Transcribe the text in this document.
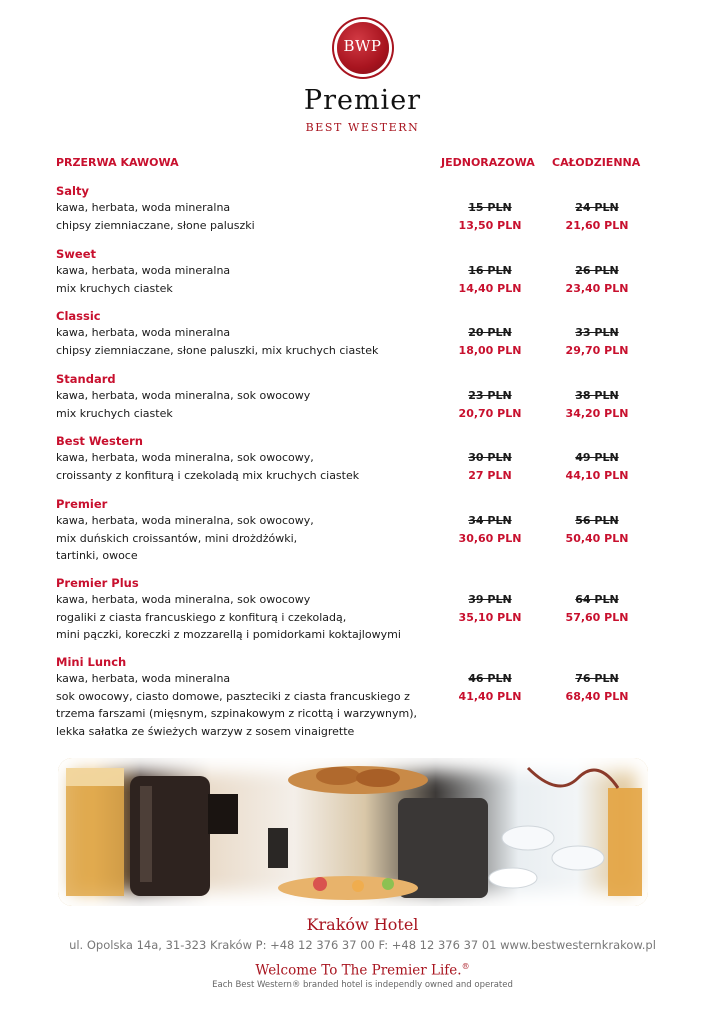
BWP
Premier
BEST WESTERN
PRZERWA KAWOWA	JEDNORAZOWA CAŁODZIENNA
Salty
kawa, herbata, woda mineralna
chipsy ziemniaczane, słone paluszki
15 PLN	24 PLN
13,50 PLN	21,60 PLN
Sweet
kawa, herbata, woda mineralna
mix kruchych ciastek
16 PLN	26 PLN
14,40 PLN	23,40 PLN
Classic
kawa, herbata, woda mineralna
chipsy ziemniaczane, słone paluszki, mix kruchych ciastek
20 PLN	33 PLN
18,00 PLN	29,70 PLN
Standard
kawa, herbata, woda mineralna, sok owocowy
mix kruchych ciastek
23 PLN	38 PLN
20,70 PLN	34,20 PLN
Best Western
kawa, herbata, woda mineralna, sok owocowy,
croissanty z konfiturą i czekoladą mix kruchych ciastek
30 PLN	49 PLN
27 PLN	44,10 PLN
Premier
kawa, herbata, woda mineralna, sok owocowy,
mix duńskich croissantów, mini drożdżówki,
tartinki, owoce
34 PLN	56 PLN
30,60 PLN	50,40 PLN
Premier Plus
kawa, herbata, woda mineralna, sok owocowy
rogaliki z ciasta francuskiego z konfiturą i czekoladą,
mini pączki, koreczki z mozzarellą i pomidorkami koktajlowymi
39 PLN	64 PLN
35,10 PLN	57,60 PLN
Mini Lunch
kawa, herbata, woda mineralna
sok owocowy, ciasto domowe, paszteciki z ciasta francuskiego z
trzema farszami (mięsnym, szpinakowym z ricottą i warzywnym),
lekka sałatka ze świeżych warzyw z sosem vinaigrette
46 PLN	76 PLN
41,40 PLN	68,40 PLN
Kraków Hotel
ul. Opolska 14a, 31-323 Kraków P: +48 12 376 37 00 F: +48 12 376 37 01 www.bestwesternkrakow.pl
Welcome To The Premier Life.®
Each Best Western® branded hotel is independly owned and operated
